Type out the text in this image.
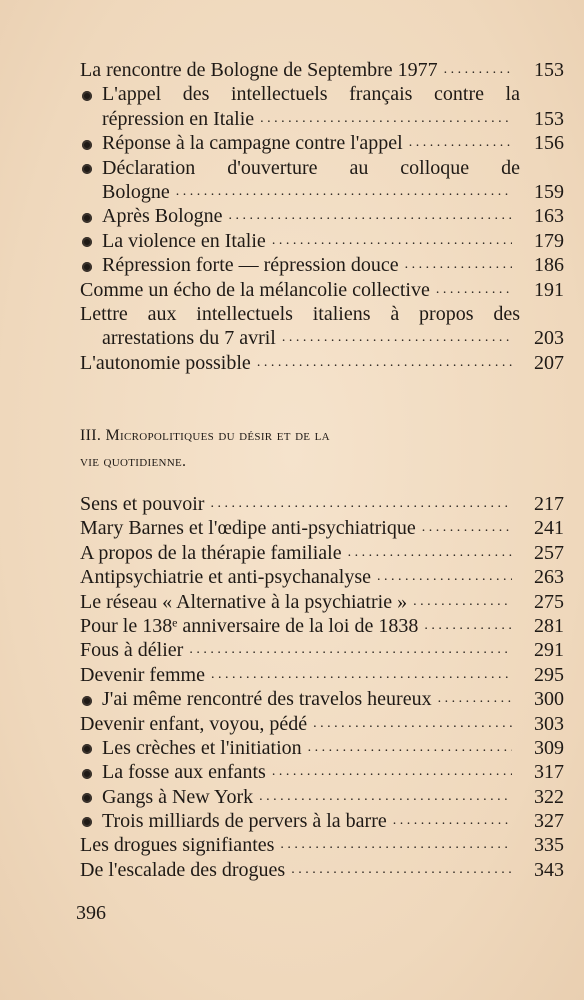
La rencontre de Bologne de Septembre 1977 . . .	153
L'appel des intellectuels français contre la
répression en Italie . . .	153
Réponse à la campagne contre l'appel . . .	156
Déclaration d'ouverture au colloque de
Bologne . . .	159
Après Bologne . . .	163
La violence en Italie . . .	179
Répression forte — répression douce . . .	186
Comme un écho de la mélancolie collective . . .	191
Lettre aux intellectuels italiens à propos des
arrestations du 7 avril . . .	203
L'autonomie possible . . .	207
III. Micropolitiques du désir et de la
vie quotidienne.
Sens et pouvoir . . .	217
Mary Barnes et l'œdipe anti-psychiatrique . . .	241
A propos de la thérapie familiale . . .	257
Antipsychiatrie et anti-psychanalyse . . .	263
Le réseau « Alternative à la psychiatrie » . . .	275
Pour le 138ᵉ anniversaire de la loi de 1838 . . .	281
Fous à délier . . .	291
Devenir femme . . .	295
J'ai même rencontré des travelos heureux . . .	300
Devenir enfant, voyou, pédé . . .	303
Les crèches et l'initiation . . .	309
La fosse aux enfants . . .	317
Gangs à New York . . .	322
Trois milliards de pervers à la barre . . .	327
Les drogues signifiantes . . .	335
De l'escalade des drogues . . .	343
396
